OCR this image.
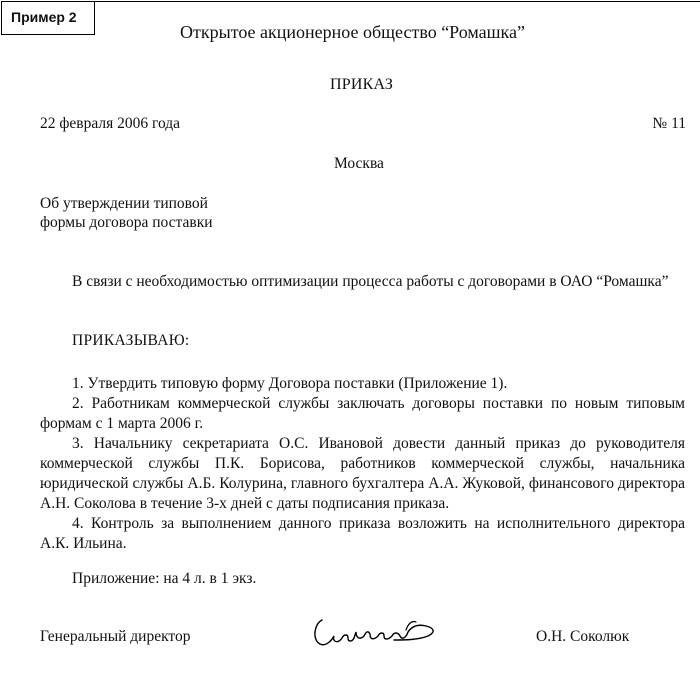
Пример 2
Открытое акционерное общество “Ромашка”
ПРИКАЗ
22 февраля 2006 года	№ 11
Москва
Об утверждении типовой
формы договора поставки
В связи с необходимостью оптимизации процесса работы с договорами в ОАО “Ромашка”
ПРИКАЗЫВАЮ:

1. Утвердить типовую форму Договора поставки (Приложение 1).

2. Работникам коммерческой службы заключать договоры поставки по новым типовым формам с 1 марта 2006 г.

3. Начальнику секретариата О.С. Ивановой довести данный приказ до руководителя коммерческой службы П.К. Борисова, работников коммерческой службы, начальника юридической службы А.Б. Колурина, главного бухгалтера А.А. Жуковой, финансового директора А.Н. Соколова в течение 3-х дней с даты подписания приказа.

4. Контроль за выполнением данного приказа возложить на исполнительного директора А.К. Ильина.

Приложение: на 4 л. в 1 экз.
Генеральный директор	О.Н. Соколюк
